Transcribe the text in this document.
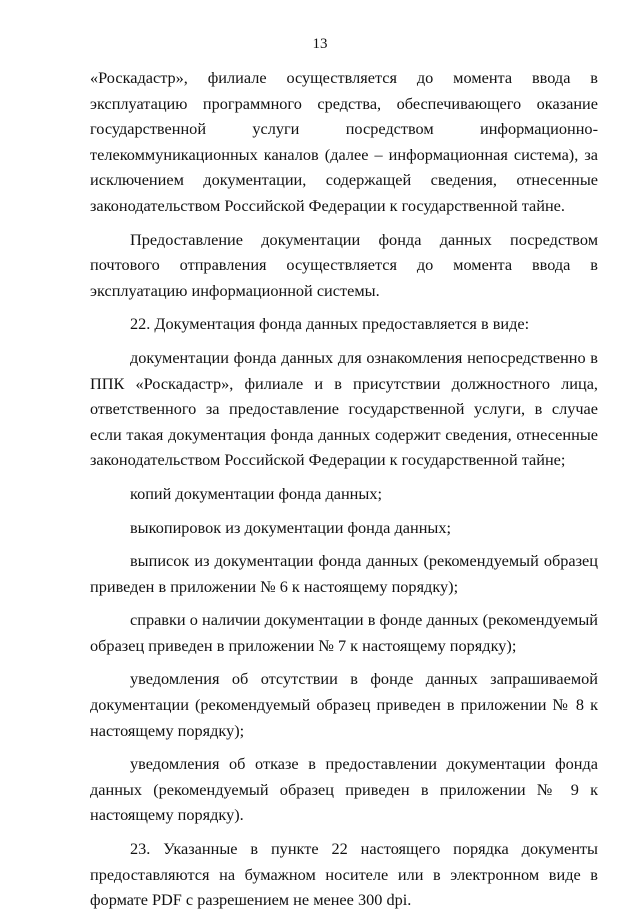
13

«Роскадастр», филиале осуществляется до момента ввода в эксплуатацию программного средства, обеспечивающего оказание государственной услуги посредством информационно-телекоммуникационных каналов (далее – информационная система), за исключением документации, содержащей сведения, отнесенные законодательством Российской Федерации к государственной тайне.

Предоставление документации фонда данных посредством почтового отправления осуществляется до момента ввода в эксплуатацию информационной системы.

22. Документация фонда данных предоставляется в виде:

документации фонда данных для ознакомления непосредственно в ППК «Роскадастр», филиале и в присутствии должностного лица, ответственного за предоставление государственной услуги, в случае если такая документация фонда данных содержит сведения, отнесенные законодательством Российской Федерации к государственной тайне;

копий документации фонда данных;

выкопировок из документации фонда данных;

выписок из документации фонда данных (рекомендуемый образец приведен в приложении № 6 к настоящему порядку);

справки о наличии документации в фонде данных (рекомендуемый образец приведен в приложении № 7 к настоящему порядку);

уведомления об отсутствии в фонде данных запрашиваемой документации (рекомендуемый образец приведен в приложении № 8 к настоящему порядку);

уведомления об отказе в предоставлении документации фонда данных (рекомендуемый образец приведен в приложении № 9 к настоящему порядку).

23. Указанные в пункте 22 настоящего порядка документы предоставляются на бумажном носителе или в электронном виде в формате PDF с разрешением не менее 300 dpi.
